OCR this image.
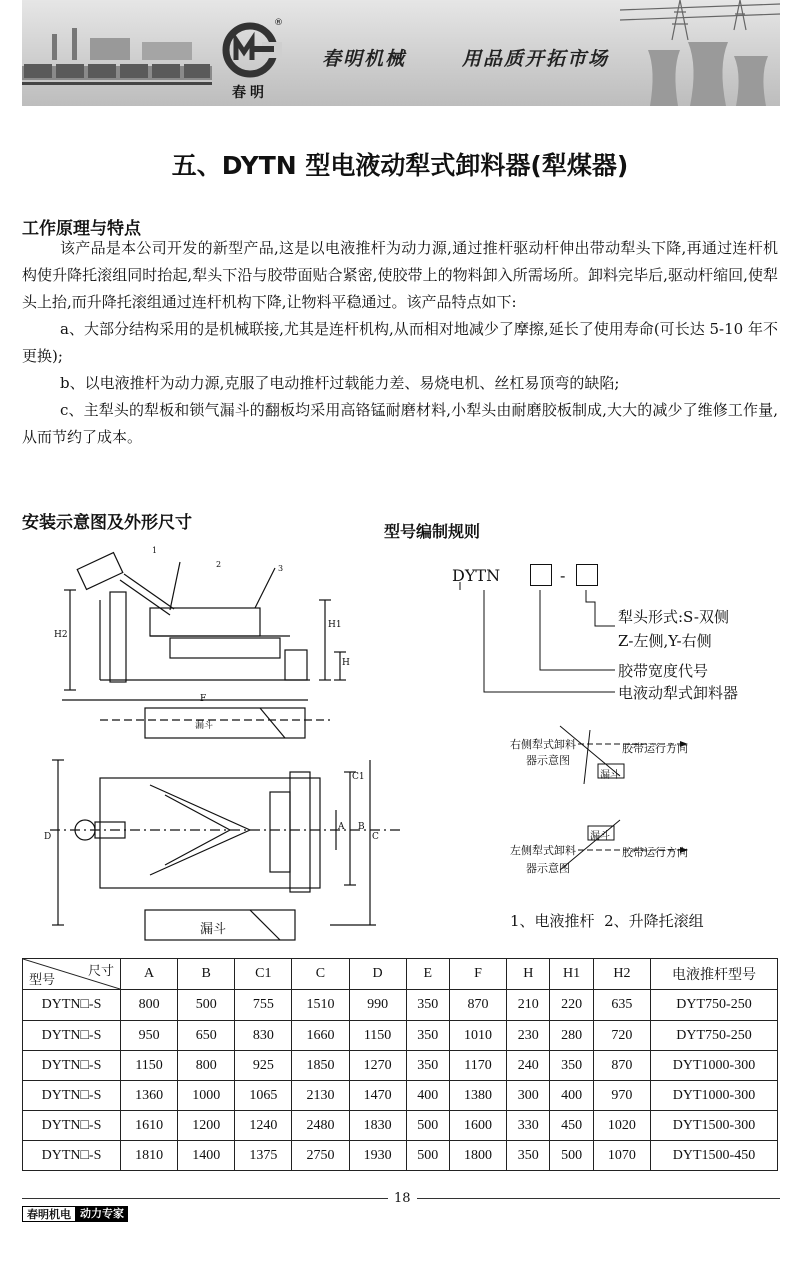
®
春明
春明机械	用品质开拓市场
五、DYTN 型电液动犁式卸料器(犁煤器)
工作原理与特点

该产品是本公司开发的新型产品,这是以电液推杆为动力源,通过推杆驱动杆伸出带动犁头下降,再通过连杆机构使升降托滚组同时抬起,犁头下沿与胶带面贴合紧密,使胶带上的物料卸入所需场所。卸料完毕后,驱动杆缩回,使犁头上抬,而升降托滚组通过连杆机构下降,让物料平稳通过。该产品特点如下:

a、大部分结构采用的是机械联接,尤其是连杆机构,从而相对地减少了摩擦,延长了使用寿命(可长达 5-10 年不更换);

b、以电液推杆为动力源,克服了电动推杆过载能力差、易烧电机、丝杠易顶弯的缺陷;

c、主犁头的犁板和锁气漏斗的翻板均采用高铬锰耐磨材料,小犁头由耐磨胶板制成,大大的减少了维修工作量,从而节约了成本。

安装示意图及外形尺寸	型号编制规则
DYTN	-
犁头形式:S-双侧
Z-左侧,Y-右侧
胶带宽度代号
电液动犁式卸料器
右侧犁式卸料
器示意图
胶带运行方向
漏斗
左侧犁式卸料
器示意图
胶带运行方向
漏斗
1、电液推杆  2、升降托滚组
1
2	3
H2
H1
H
F
C1
C
D
A B
漏斗
漏斗
尺寸
型号	A	B	C1	C	D	E	F	H	H1	H2	电液推杆型号
DYTN□-S	800	500	755	1510	990	350	870	210	220	635	DYT750-250
DYTN□-S	950	650	830	1660	1150	350	1010	230	280	720	DYT750-250
DYTN□-S	1150	800	925	1850	1270	350	1170	240	350	870	DYT1000-300
DYTN□-S	1360	1000	1065	2130	1470	400	1380	300	400	970	DYT1000-300
DYTN□-S	1610	1200	1240	2480	1830	500	1600	330	450	1020	DYT1500-300
DYTN□-S	1810	1400	1375	2750	1930	500	1800	350	500	1070	DYT1500-450
18
春明机电 动力专家
